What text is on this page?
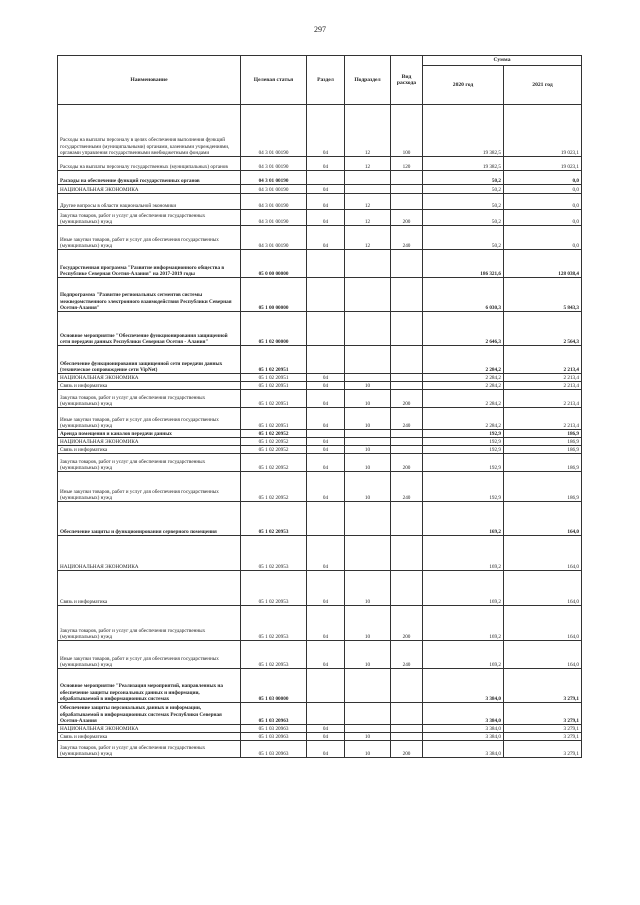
297
Наименование	Целевая статья	Раздел	Подраздел	Вид расхода	Сумма	
					2020 год	2021 год
Расходы на выплаты персоналу в целях обеспечения выполнения функций государственными (муниципальными) органами, казенными учреждениями, органами управления государственными внебюджетными фондами	04 3 01 00190	04	12	100	19 382,5	19 023,1
Расходы на выплаты персоналу государственных (муниципальных) органов	04 3 01 00190	04	12	120	19 382,5	19 023,1
Расходы на обеспечение функций государственных органов	04 3 01 00190				50,2	0,0
НАЦИОНАЛЬНАЯ ЭКОНОМИКА	04 3 01 00190	04			50,2	0,0
Другие вопросы в области национальной экономики	04 3 01 00190	04	12		50,2	0,0
Закупка товаров, работ и услуг для обеспечения государственных (муниципальных) нужд	04 3 01 00190	04	12	200	50,2	0,0
Иные закупки товаров, работ и услуг для обеспечения государственных (муниципальных) нужд	04 3 01 00190	04	12	240	50,2	0,0
Государственная программа "Развитие информационного общества в Республике Северная Осетия-Алания" на 2017-2019 годы	05 0 00 00000				186 321,6	128 038,4
Подпрограмма "Развитие региональных сегментов системы межведомственного электронного взаимодействия Республики Северная Осетия-Алания"	05 1 00 00000				6 030,3	5 843,3
Основное мероприятие "Обеспечение функционирования защищенной сети передачи данных Республики Северная Осетия - Алания"	05 1 02 00000				2 646,3	2 564,3
Обеспечение функционирования защищенной сети передачи данных (техническое сопровождение сети VipNet)	05 1 02 20951				2 284,2	2 213,4
НАЦИОНАЛЬНАЯ ЭКОНОМИКА	05 1 02 20951	04			2 284,2	2 213,4
Связь и информатика	05 1 02 20951	04	10		2 284,2	2 213,4
Закупка товаров, работ и услуг для обеспечения государственных (муниципальных) нужд	05 1 02 20951	04	10	200	2 284,2	2 213,4
Иные закупки товаров, работ и услуг для обеспечения государственных (муниципальных) нужд	05 1 02 20951	04	10	240	2 284,2	2 213,4
Аренда помещения и каналов передачи данных	05 1 02 20952				192,9	186,9
НАЦИОНАЛЬНАЯ ЭКОНОМИКА	05 1 02 20952	04			192,9	186,9
Связь и информатика	05 1 02 20952	04	10		192,9	186,9
Закупка товаров, работ и услуг для обеспечения государственных (муниципальных) нужд	05 1 02 20952	04	10	200	192,9	186,9
Иные закупки товаров, работ и услуг для обеспечения государственных (муниципальных) нужд	05 1 02 20952	04	10	240	192,9	186,9
Обеспечение защиты и функционирования серверного помещения	05 1 02 20953				169,2	164,0
НАЦИОНАЛЬНАЯ ЭКОНОМИКА	05 1 02 20953	04			169,2	164,0
Связь и информатика	05 1 02 20953	04	10		169,2	164,0
Закупка товаров, работ и услуг для обеспечения государственных (муниципальных) нужд	05 1 02 20953	04	10	200	169,2	164,0
Иные закупки товаров, работ и услуг для обеспечения государственных (муниципальных) нужд	05 1 02 20953	04	10	240	169,2	164,0
Основное мероприятие "Реализация мероприятий, направленных на обеспечение защиты персональных данных и информации, обрабатываемой в информационных системах	05 1 03 00000				3 384,0	3 279,1
Обеспечение защиты персональных данных и информации, обрабатываемой в информационных системах Республики Северная Осетия-Алания	05 1 03 20963				3 384,0	3 279,1
НАЦИОНАЛЬНАЯ ЭКОНОМИКА	05 1 03 20963	04			3 384,0	3 279,1
Связь и информатика	05 1 03 20963	04	10		3 384,0	3 279,1
Закупка товаров, работ и услуг для обеспечения государственных (муниципальных) нужд	05 1 03 20963	04	10	200	3 384,0	3 279,1
